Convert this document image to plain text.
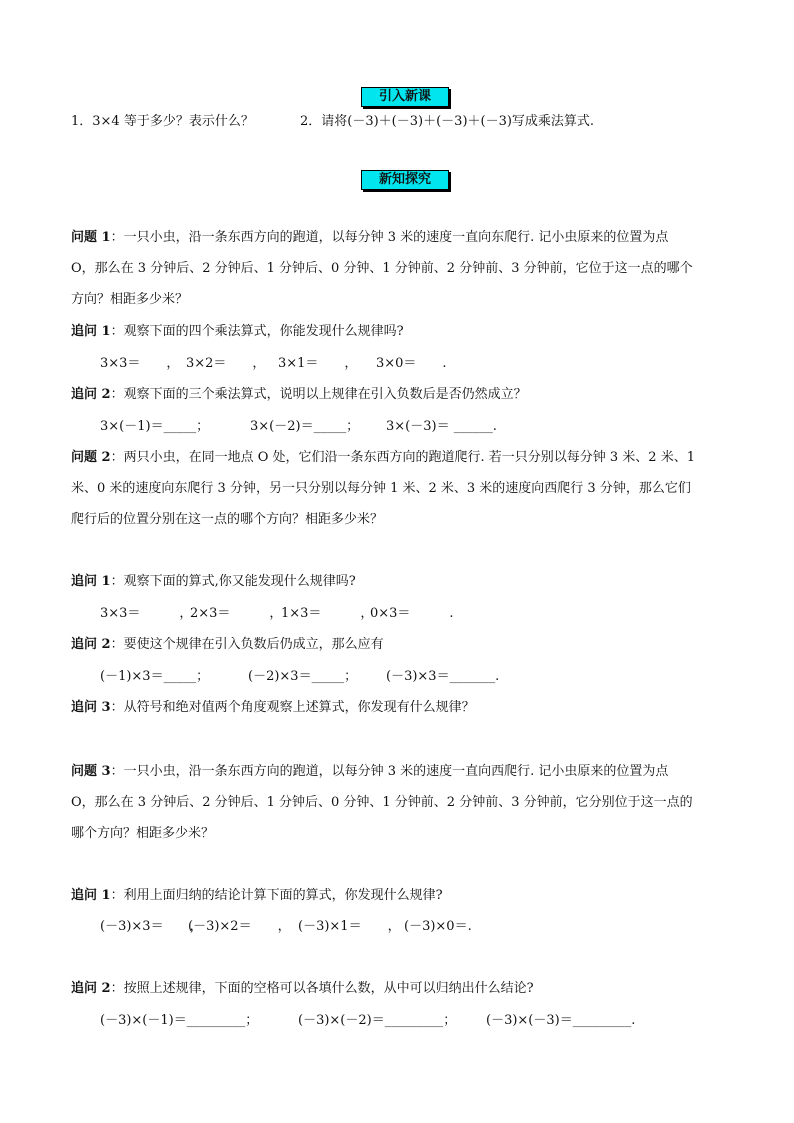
引入新课
1．3×4 等于多少？表示什么？	2．请将(－3)＋(－3)＋(－3)＋(－3)写成乘法算式.
新知探究
问题 1：一只小虫，沿一条东西方向的跑道，以每分钟 3 米的速度一直向东爬行. 记小虫原来的位置为点
O，那么在 3 分钟后、2 分钟后、1 分钟后、0 分钟、1 分钟前、2 分钟前、3 分钟前，它位于这一点的哪个
方向？相距多少米？
追问 1：观察下面的四个乘法算式，你能发现什么规律吗?
3×3＝　　， 3×2＝　　， 3×1＝　　， 3×0＝　　.
追问 2：观察下面的三个乘法算式，说明以上规律在引入负数后是否仍然成立？
3×(－1)＝_____；	3×(－2)＝_____； 3×(－3)＝ ______.
问题 2：两只小虫，在同一地点 O 处，它们沿一条东西方向的跑道爬行. 若一只分别以每分钟 3 米、2 米、1
米、0 米的速度向东爬行 3 分钟，另一只分别以每分钟 1 米、2 米、3 米的速度向西爬行 3 分钟，那么它们
爬行后的位置分别在这一点的哪个方向？相距多少米？
追问 1：观察下面的算式,你又能发现什么规律吗?
3×3＝　　　，
2×3＝　　　，
1×3＝　　　，
0×3＝　　　.
追问 2：要使这个规律在引入负数后仍成立，那么应有
(－1)×3＝_____；	(－2)×3＝_____； (－3)×3＝_______.
追问 3：从符号和绝对值两个角度观察上述算式，你发现有什么规律？
问题 3：一只小虫，沿一条东西方向的跑道，以每分钟 3 米的速度一直向西爬行. 记小虫原来的位置为点
O，那么在 3 分钟后、2 分钟后、1 分钟后、0 分钟、1 分钟前、2 分钟前、3 分钟前，它分别位于这一点的
哪个方向？相距多少米？
追问 1：利用上面归纳的结论计算下面的算式，你发现什么规律?
(－3)×3＝　　，
(－3)×2＝　　， (－3)×1＝　　， (－3)×0＝.
追问 2：按照上述规律，下面的空格可以各填什么数，从中可以归纳出什么结论?
(－3)×(－1)＝_________；	(－3)×(－2)＝_________； (－3)×(－3)＝_________.
